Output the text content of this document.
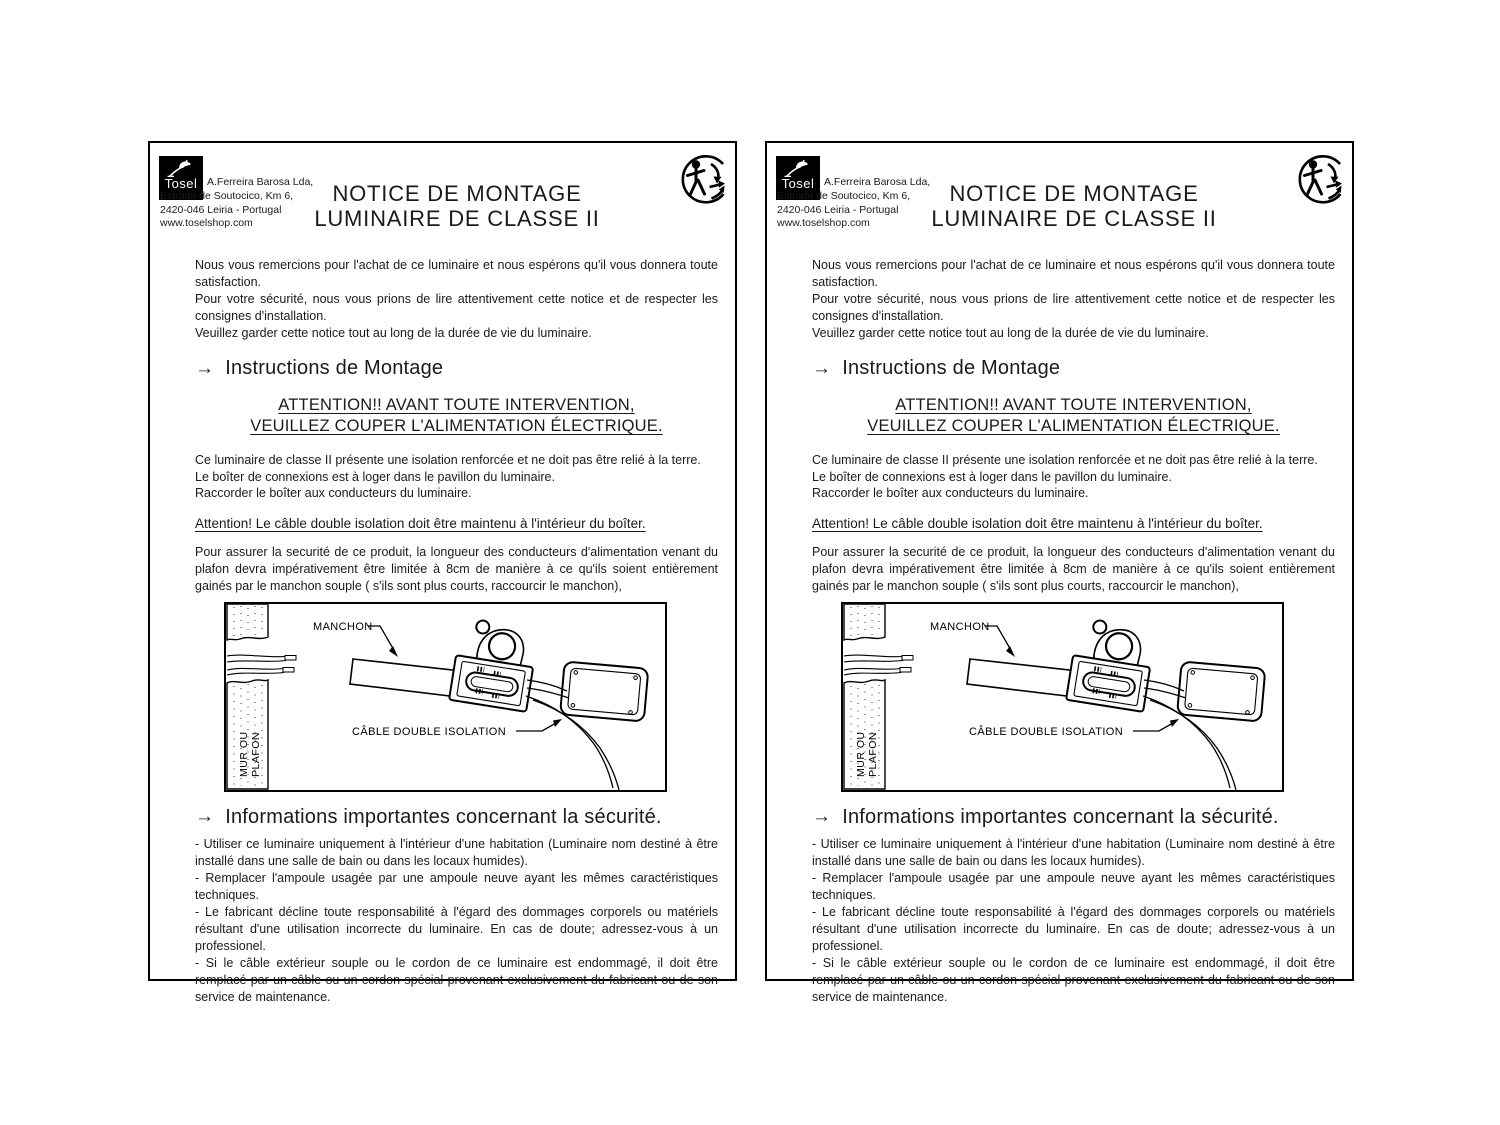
Tosel A.Ferreira Barosa Lda,
Estrada de Soutocico, Km 6,
2420-046 Leiria - Portugal
www.toselshop.com
NOTICE DE MONTAGE
LUMINAIRE DE CLASSE II

Nous vous remercions pour l'achat de ce luminaire et nous espérons qu'il vous donnera toute satisfaction.

Pour votre sécurité, nous vous prions de lire attentivement cette notice et de respecter les consignes d'installation.

Veuillez garder cette notice tout au long de la durée de vie du luminaire.

→ Instructions de Montage
ATTENTION!! AVANT TOUTE INTERVENTION,
VEUILLEZ COUPER L'ALIMENTATION ÉLECTRIQUE.

Ce luminaire de classe II présente une isolation renforcée et ne doit pas être relié à la terre.

Le boîter de connexions est à loger dans le pavillon du luminaire.

Raccorder le boîter aux conducteurs du luminaire.

Attention! Le câble double isolation doit être maintenu à l'intérieur du boîter.

Pour assurer la securité de ce produit, la longueur des conducteurs d'alimentation venant du plafon devra impérativement être limitée à 8cm de manière à ce qu'ils soient entièrement gainés par le manchon souple ( s'ils sont plus courts, raccourcir le manchon),

MUR OU PLAFON
MANCHON
CÂBLE DOUBLE ISOLATION
→ Informations importantes concernant la sécurité.

- Utiliser ce luminaire uniquement à l'intérieur d'une habitation (Luminaire nom destiné à être installé dans une salle de bain ou dans les locaux humides).

- Remplacer l'ampoule usagée par une ampoule neuve ayant les mêmes caractéristiques techniques.

- Le fabricant décline toute responsabilité à l'égard des dommages corporels ou matériels résultant d'une utilisation incorrecte du luminaire. En cas de doute; adressez-vous à un professionel.

- Si le câble extérieur souple ou le cordon de ce luminaire est endommagé, il doit être remplacé par un câble ou un cordon spécial provenant exclusivement du fabricant ou de son service de maintenance.

Tosel A.Ferreira Barosa Lda,
Estrada de Soutocico, Km 6,
2420-046 Leiria - Portugal
www.toselshop.com
NOTICE DE MONTAGE
LUMINAIRE DE CLASSE II

Nous vous remercions pour l'achat de ce luminaire et nous espérons qu'il vous donnera toute satisfaction.

Pour votre sécurité, nous vous prions de lire attentivement cette notice et de respecter les consignes d'installation.

Veuillez garder cette notice tout au long de la durée de vie du luminaire.

→ Instructions de Montage
ATTENTION!! AVANT TOUTE INTERVENTION,
VEUILLEZ COUPER L'ALIMENTATION ÉLECTRIQUE.

Ce luminaire de classe II présente une isolation renforcée et ne doit pas être relié à la terre.

Le boîter de connexions est à loger dans le pavillon du luminaire.

Raccorder le boîter aux conducteurs du luminaire.

Attention! Le câble double isolation doit être maintenu à l'intérieur du boîter.

Pour assurer la securité de ce produit, la longueur des conducteurs d'alimentation venant du plafon devra impérativement être limitée à 8cm de manière à ce qu'ils soient entièrement gainés par le manchon souple ( s'ils sont plus courts, raccourcir le manchon),

MUR OU PLAFON
MANCHON
CÂBLE DOUBLE ISOLATION
→ Informations importantes concernant la sécurité.

- Utiliser ce luminaire uniquement à l'intérieur d'une habitation (Luminaire nom destiné à être installé dans une salle de bain ou dans les locaux humides).

- Remplacer l'ampoule usagée par une ampoule neuve ayant les mêmes caractéristiques techniques.

- Le fabricant décline toute responsabilité à l'égard des dommages corporels ou matériels résultant d'une utilisation incorrecte du luminaire. En cas de doute; adressez-vous à un professionel.

- Si le câble extérieur souple ou le cordon de ce luminaire est endommagé, il doit être remplacé par un câble ou un cordon spécial provenant exclusivement du fabricant ou de son service de maintenance.
